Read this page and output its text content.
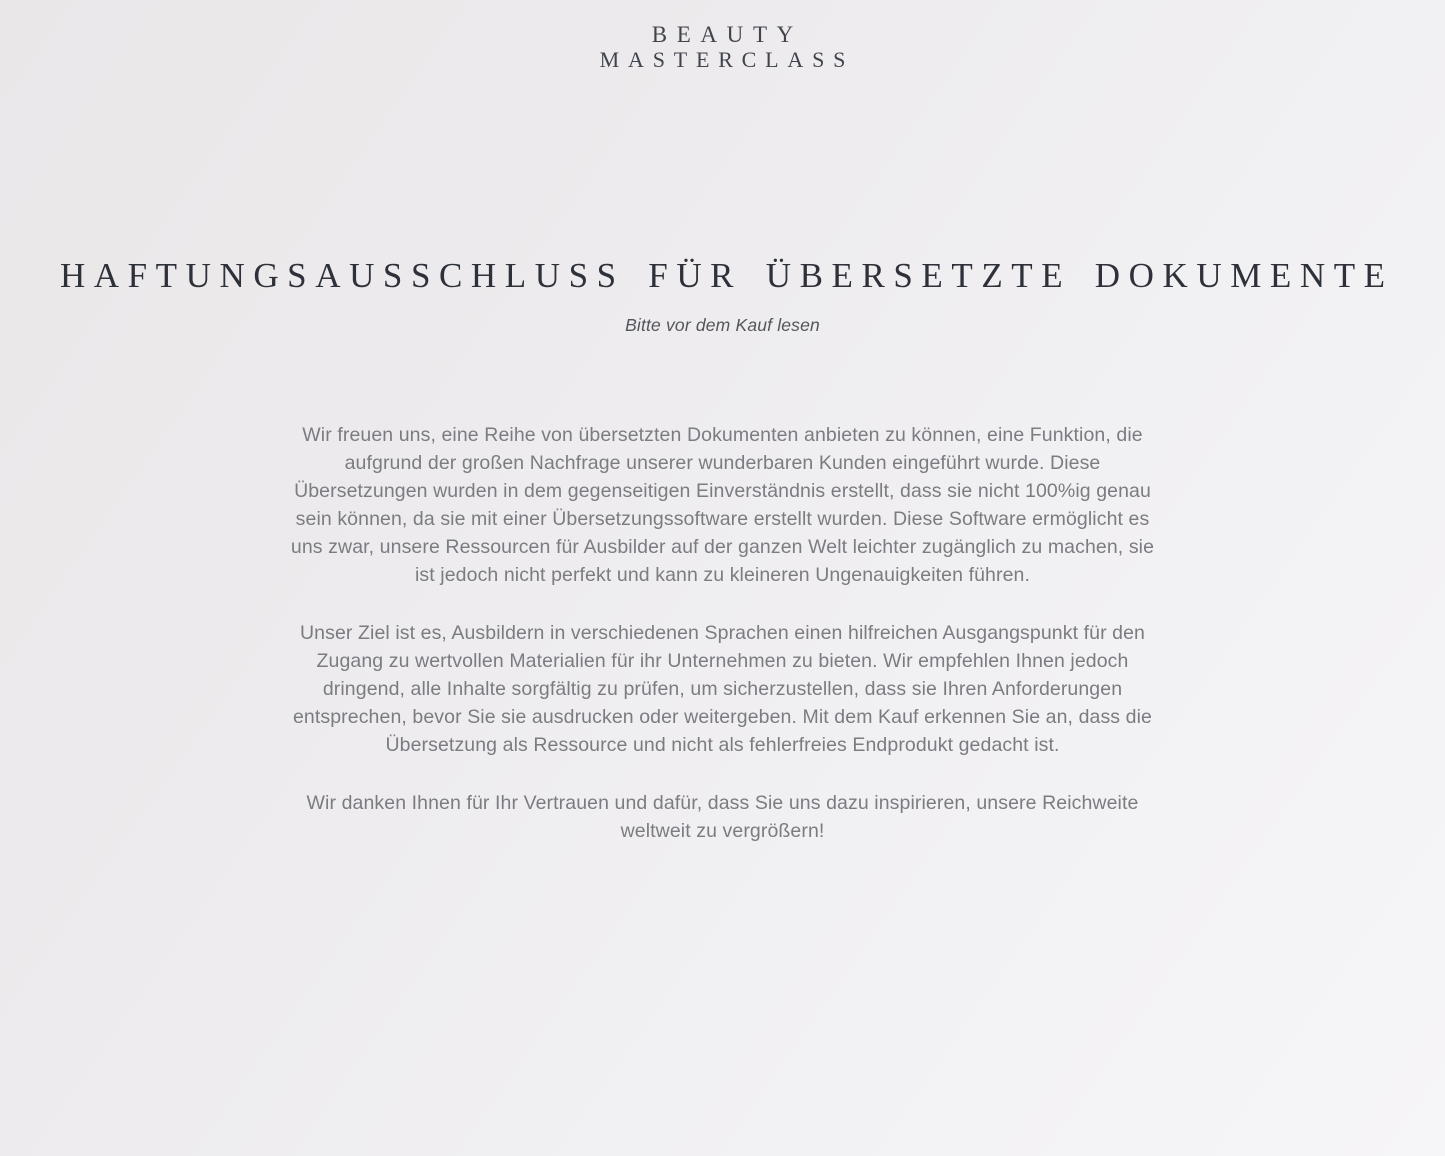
BEAUTY
MASTERCLASS
HAFTUNGSAUSSCHLUSS FÜR ÜBERSETZTE DOKUMENTE
Bitte vor dem Kauf lesen

Wir freuen uns, eine Reihe von übersetzten Dokumenten anbieten zu können, eine Funktion, die aufgrund der großen Nachfrage unserer wunderbaren Kunden eingeführt wurde. Diese Übersetzungen wurden in dem gegenseitigen Einverständnis erstellt, dass sie nicht 100%ig genau sein können, da sie mit einer Übersetzungssoftware erstellt wurden. Diese Software ermöglicht es uns zwar, unsere Ressourcen für Ausbilder auf der ganzen Welt leichter zugänglich zu machen, sie ist jedoch nicht perfekt und kann zu kleineren Ungenauigkeiten führen.

Unser Ziel ist es, Ausbildern in verschiedenen Sprachen einen hilfreichen Ausgangspunkt für den Zugang zu wertvollen Materialien für ihr Unternehmen zu bieten. Wir empfehlen Ihnen jedoch dringend, alle Inhalte sorgfältig zu prüfen, um sicherzustellen, dass sie Ihren Anforderungen entsprechen, bevor Sie sie ausdrucken oder weitergeben. Mit dem Kauf erkennen Sie an, dass die Übersetzung als Ressource und nicht als fehlerfreies Endprodukt gedacht ist.

Wir danken Ihnen für Ihr Vertrauen und dafür, dass Sie uns dazu inspirieren, unsere Reichweite weltweit zu vergrößern!
